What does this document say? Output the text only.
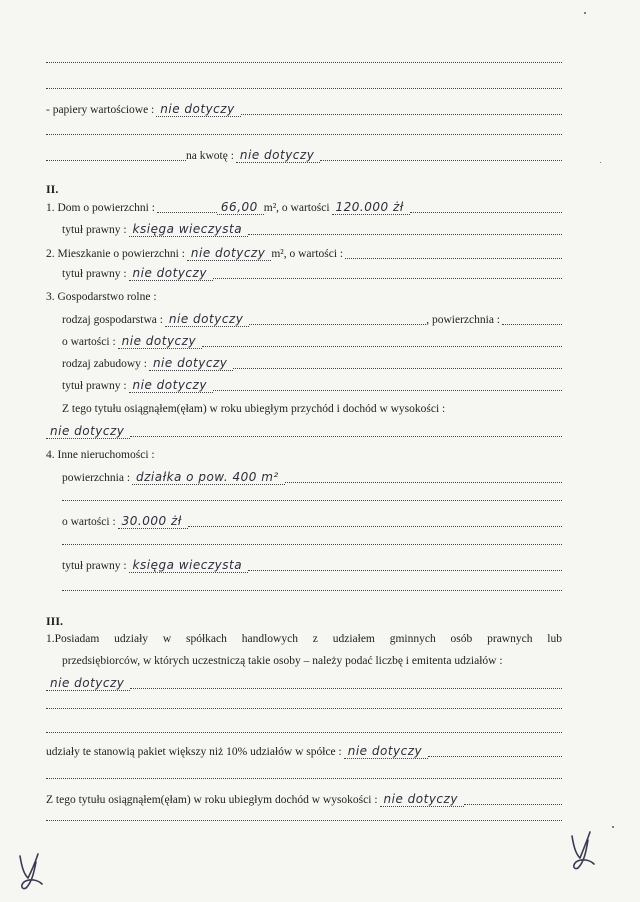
- papiery wartościowe : nie dotyczy
na kwotę : nie dotyczy
II.
1. Dom o powierzchni :	66,00 m², o wartości 120.000 żł
tytuł prawny : księga wieczysta
2. Mieszkanie o powierzchni : nie dotyczy m², o wartości :
tytuł prawny : nie dotyczy
3. Gospodarstwo rolne :
rodzaj gospodarstwa : nie dotyczy	, powierzchnia :
o wartości : nie dotyczy
rodzaj zabudowy : nie dotyczy
tytuł prawny : nie dotyczy
Z tego tytułu osiągnąłem(ęłam) w roku ubiegłym przychód i dochód w wysokości :
nie dotyczy
4. Inne nieruchomości :
powierzchnia : działka o pow. 400 m²
o wartości : 30.000 żł
tytuł prawny : księga wieczysta
III.
1.Posiadam udziały w spółkach handlowych z udziałem gminnych osób prawnych lub
przedsiębiorców, w których uczestniczą takie osoby – należy podać liczbę i emitenta udziałów :
nie dotyczy
udziały te stanowią pakiet większy niż 10% udziałów w spółce : nie dotyczy
Z tego tytułu osiągnąłem(ęłam) w roku ubiegłym dochód w wysokości : nie dotyczy
